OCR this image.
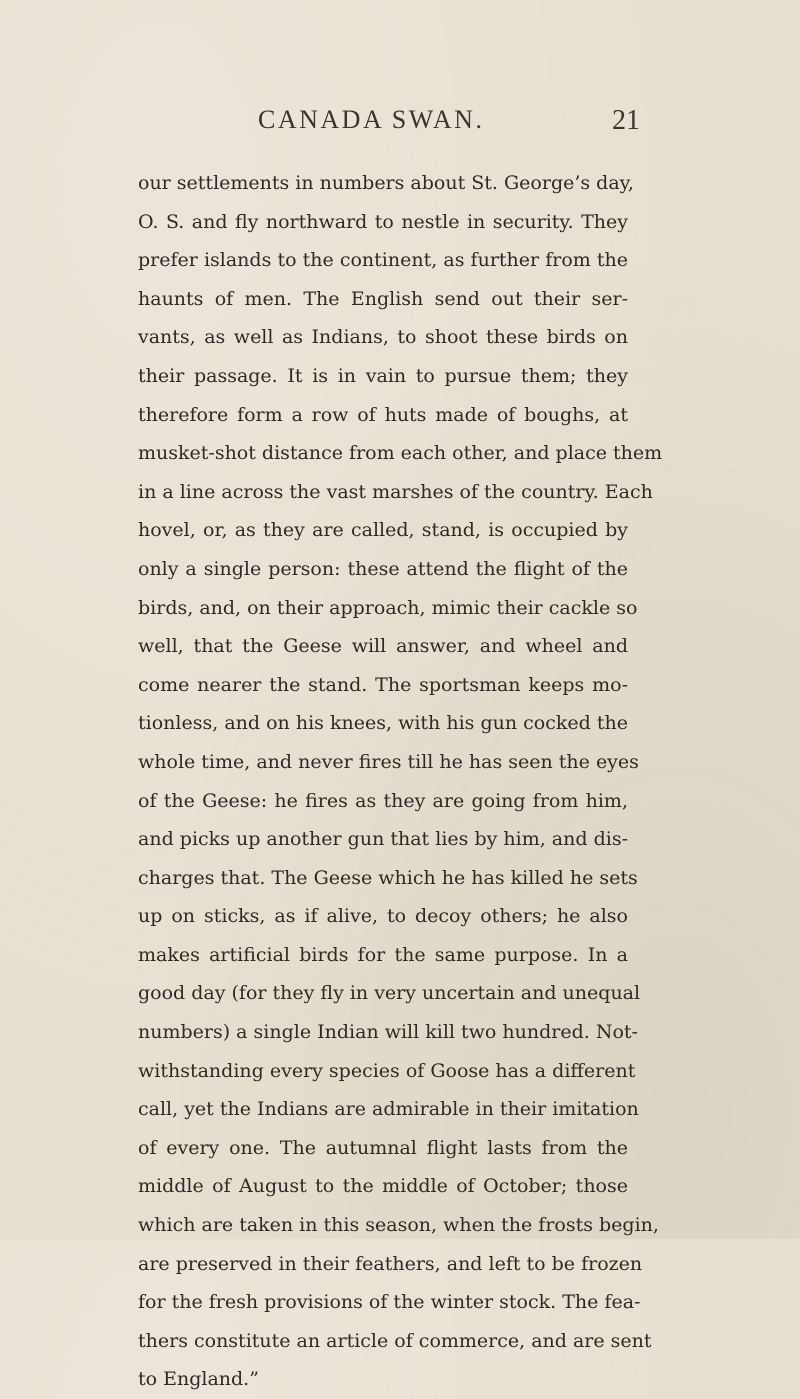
CANADA SWAN.	21
our settlements in numbers about St. George’s day,
O. S. and fly northward to nestle in security. They
prefer islands to the continent, as further from the
haunts of men. The English send out their ser-
vants, as well as Indians, to shoot these birds on
their passage. It is in vain to pursue them; they
therefore form a row of huts made of boughs, at
musket-shot distance from each other, and place them
in a line across the vast marshes of the country. Each
hovel, or, as they are called, stand, is occupied by
only a single person: these attend the flight of the
birds, and, on their approach, mimic their cackle so
well, that the Geese will answer, and wheel and
come nearer the stand. The sportsman keeps mo-
tionless, and on his knees, with his gun cocked the
whole time, and never fires till he has seen the eyes
of the Geese: he fires as they are going from him,
and picks up another gun that lies by him, and dis-
charges that. The Geese which he has killed he sets
up on sticks, as if alive, to decoy others; he also
makes artificial birds for the same purpose. In a
good day (for they fly in very uncertain and unequal
numbers) a single Indian will kill two hundred. Not-
withstanding every species of Goose has a different
call, yet the Indians are admirable in their imitation
of every one. The autumnal flight lasts from the
middle of August to the middle of October; those
which are taken in this season, when the frosts begin,
are preserved in their feathers, and left to be frozen
for the fresh provisions of the winter stock. The fea-
thers constitute an article of commerce, and are sent
to England.”
